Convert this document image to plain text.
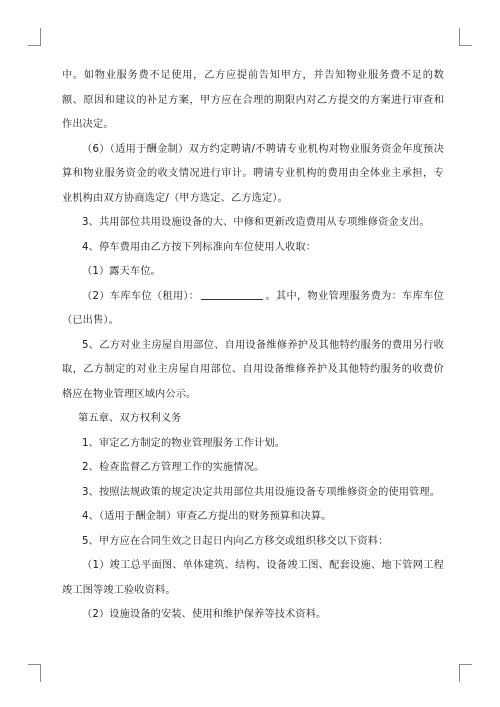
中。如物业服务费不足使用，乙方应提前告知甲方，并告知物业服务费不足的数额、原因和建议的补足方案，甲方应在合理的期限内对乙方提交的方案进行审查和作出决定。

（6）（适用于酬金制）双方约定聘请/不聘请专业机构对物业服务资金年度预决算和物业服务资金的收支情况进行审计。聘请专业机构的费用由全体业主承担，专业机构由双方协商选定/（甲方选定、乙方选定）。

3、共用部位共用设施设备的大、中修和更新改造费用从专项维修资金支出。

4、停车费用由乙方按下列标准向车位使用人收取：

（1）露天车位。

（2）车库车位（租用）：	。其中，物业管理服务费为：车库车位（已出售）。

5、乙方对业主房屋自用部位、自用设备维修养护及其他特约服务的费用另行收取，乙方制定的对业主房屋自用部位、自用设备维修养护及其他特约服务的收费价格应在物业管理区域内公示。

第五章、双方权利义务

1、审定乙方制定的物业管理服务工作计划。

2、检查监督乙方管理工作的实施情况。

3、按照法规政策的规定决定共用部位共用设施设备专项维修资金的使用管理。

4、（适用于酬金制）审查乙方提出的财务预算和决算。

5、甲方应在合同生效之日起日内向乙方移交或组织移交以下资料：

（1）竣工总平面图、单体建筑、结构、设备竣工图、配套设施、地下管网工程竣工图等竣工验收资料。

（2）设施设备的安装、使用和维护保养等技术资料。
